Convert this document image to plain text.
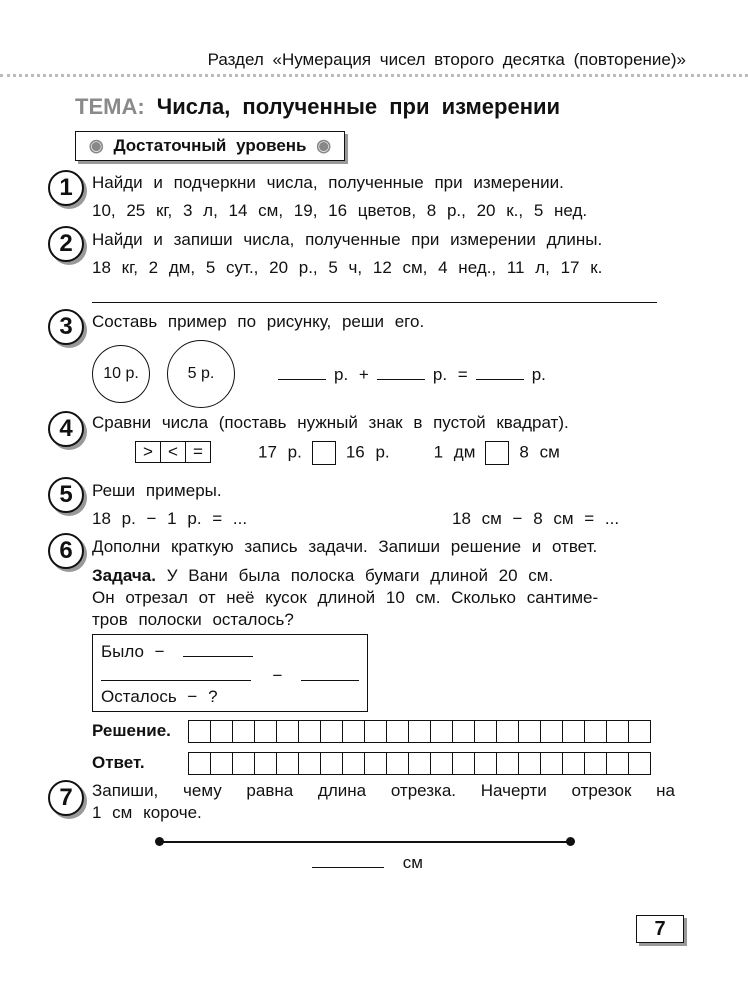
Раздел «Нумерация чисел второго десятка (повторение)»
ТЕМА: Числа, полученные при измерении
◉ Достаточный уровень ◉
1	Найди и подчеркни числа, полученные при измерении.
10, 25 кг, 3 л, 14 см, 19, 16 цветов, 8 р., 20 к., 5 нед.
2	Найди и запиши числа, полученные при измерении длины.
18 кг, 2 дм, 5 сут., 20 р., 5 ч, 12 см, 4 нед., 11 л, 17 к.
3	Составь пример по рисунку, реши его.
10 р.	5 р.	р. +	р. =	р.
4	Сравни числа (поставь нужный знак в пустой квадрат).
> < =	17 р.	16 р.	1 дм	8 см
5	Реши примеры.
18 р. − 1 р. = ...	18 см − 8 см = ...
6	Дополни краткую запись задачи. Запиши решение и ответ.
Задача. У Вани была полоска бумаги длиной 20 см.
Он отрезал от неё кусок длиной 10 см. Сколько сантиме-
тров полоски осталось?
Было −
−
Осталось − ?
Решение.
Ответ.
7	Запиши, чему равна длина отрезка. Начерти отрезок на
1 см короче.
см
7
